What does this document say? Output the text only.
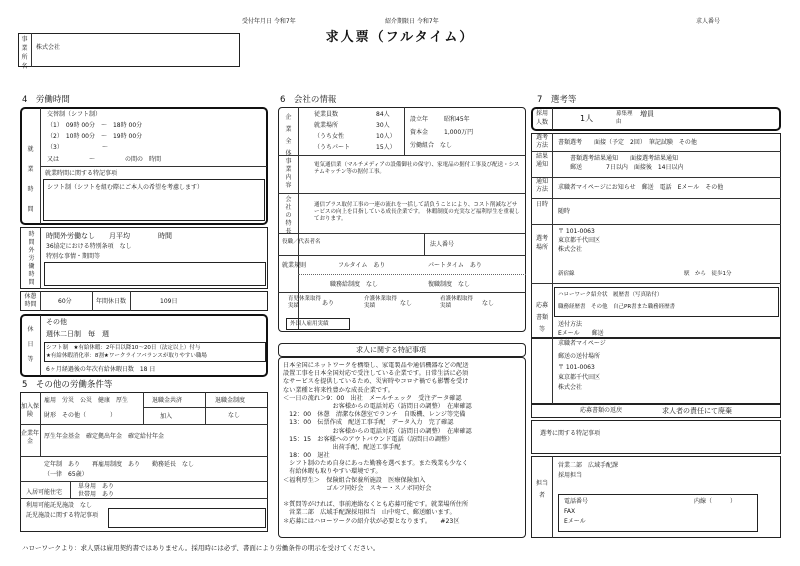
受付年月日 令和7年	紹介期限日 令和7年	求人番号
求人票（フルタイム）
事業所名
株式会社
4　労働時間
就業時間
交替制（シフト制）
（1）　09時 00分　〜　18時 00分
（2）　10時 00分　〜　19時 00分
（3）　　　　　　　〜
又は　　　　　〜　　　　　の間の　時間
就業時間に関する特記事項
シフト制（シフトを組む際にご本人の希望を考慮します）
時間外労働時間
時間外労働なし　　月平均　　　　時間
36協定における特別条項　なし
特別な事情・期間等
休憩時間	60分	年間休日数	109日
休日等
その他
週休二日制　毎　週
シフト制　★有給休暇：2年目以降10〜20日（法定以上）付与
★有給休暇消化率：8割★ワークライフバランスが取りやすい職場
6ヶ月経過後の年次有給休暇日数　18 日
5　その他の労働条件等
加入保険
雇用　労災　公災　健康　厚生
財形　その他（　　　　）
退職金共済
加入
退職金制度
なし
企業年金
厚生年金基金　確定拠出年金　確定給付年金
定年制　あり　　再雇用制度　あり　　勤務延長　なし
（一律　65歳）
入居可能住宅
単身用　あり
世帯用　あり
利用可能託児施設　なし
託児施設に関する特記事項
6　会社の情報
企業全体
従業員数	84人
就業場所	30人
（うち女性	10人）
（うちパート	15人）
設立年	昭和45年
資本金	1,000万円
労働組合　なし
事業内容
電気通信業（マルチメディアの設備御社の保守）、家電品の据付工事及び配送・システムキッチン等の据付工事。
会社の特長
通信プラス取付工事の一連の流れを一括して請負うことにより、コスト削減などサービスの向上を目指している成長企業です。　休暇制度の充実など福利厚生を重視しております。
役職／代表者名	法人番号
就業規則	フルタイム　あり	パートタイム　あり
職務給制度　なし	復職制度　なし
育児休業取得実績	あり
介護休業取得実績	なし
看護休暇取得実績	なし
外国人雇用実績
求人に関する特記事項
日本全国にネットワークを構築し、家電製品や通信機器などの配送
設置工事を日本全国対応で受注している企業です。日常生活に必須
なサービスを提供しているため、災害時やコロナ禍でも影響を受け
ない業種と将来性豊かな成長企業です。
＜一日の流れ＞9：00　出社　メールチェック　受注データ確認
　　　　　　　　お客様からの電話対応（訪問日の調整）　在庫確認
　12：00　休憩　清潔な休憩室でランチ　自販機、レンジ等完備
　13：00　伝票作成　配送工事手配　データ入力　完了確認
　　　　　　　　お客様からの電話対応（訪問日の調整）　在庫確認
　15：15　お客様へのアウトバウンド電話（訪問日の調整）
　　　　　　　　出荷手配、配送工事手配
　18：00　退社
　シフト制のため自身にあった勤務を選べます。また残業も少なく
　有給休暇も取りやすい環境です。
＜福利厚生＞　保険組合保養所施設　医療保険加入
　　　　　　　ゴルフ同好会　スキー・スノボ同好会

＊質問等がければ、事前連絡なくとも応募可能です。就業場所住所
　営業二部　広域手配課採用担当　山中宛て、郵送願います。
＊応募にはハローワークの紹介状が必要となります。　　#23区
7　選考等
採用人数	1人	募集理由
増員
選考方法	書類選考　　面接（予定　2回）　筆記試験　その他
結果通知
書類選考結果通知　　面接選考結果通知
郵送　　　　7日以内　面接後　14日以内
通知方法	求職者マイページにお知らせ　郵送　電話　Eメール　その他
日時
随時
選考場所
〒 101-0063
東京都千代田区
株式会社
新宿線	駅　から　徒歩1分
応募書類等
ハローワーク紹介状　履歴書（写真貼付）
職務経歴書　その他　自己PR書また職務経歴書
送付方法
Eメール　　郵送
求職者マイページ
郵送の送付場所
〒 101-0063
東京都千代田区
株式会社
応募書類の返戻	求人者の責任にて廃棄
選考に関する特記事項
担当者
営業二部　広域手配課
採用担当
電話番号	内線（　　　）
FAX
Eメール
ハローワークより：求人票は雇用契約書ではありません。採用時には必ず、書面により労働条件の明示を受けてください。
